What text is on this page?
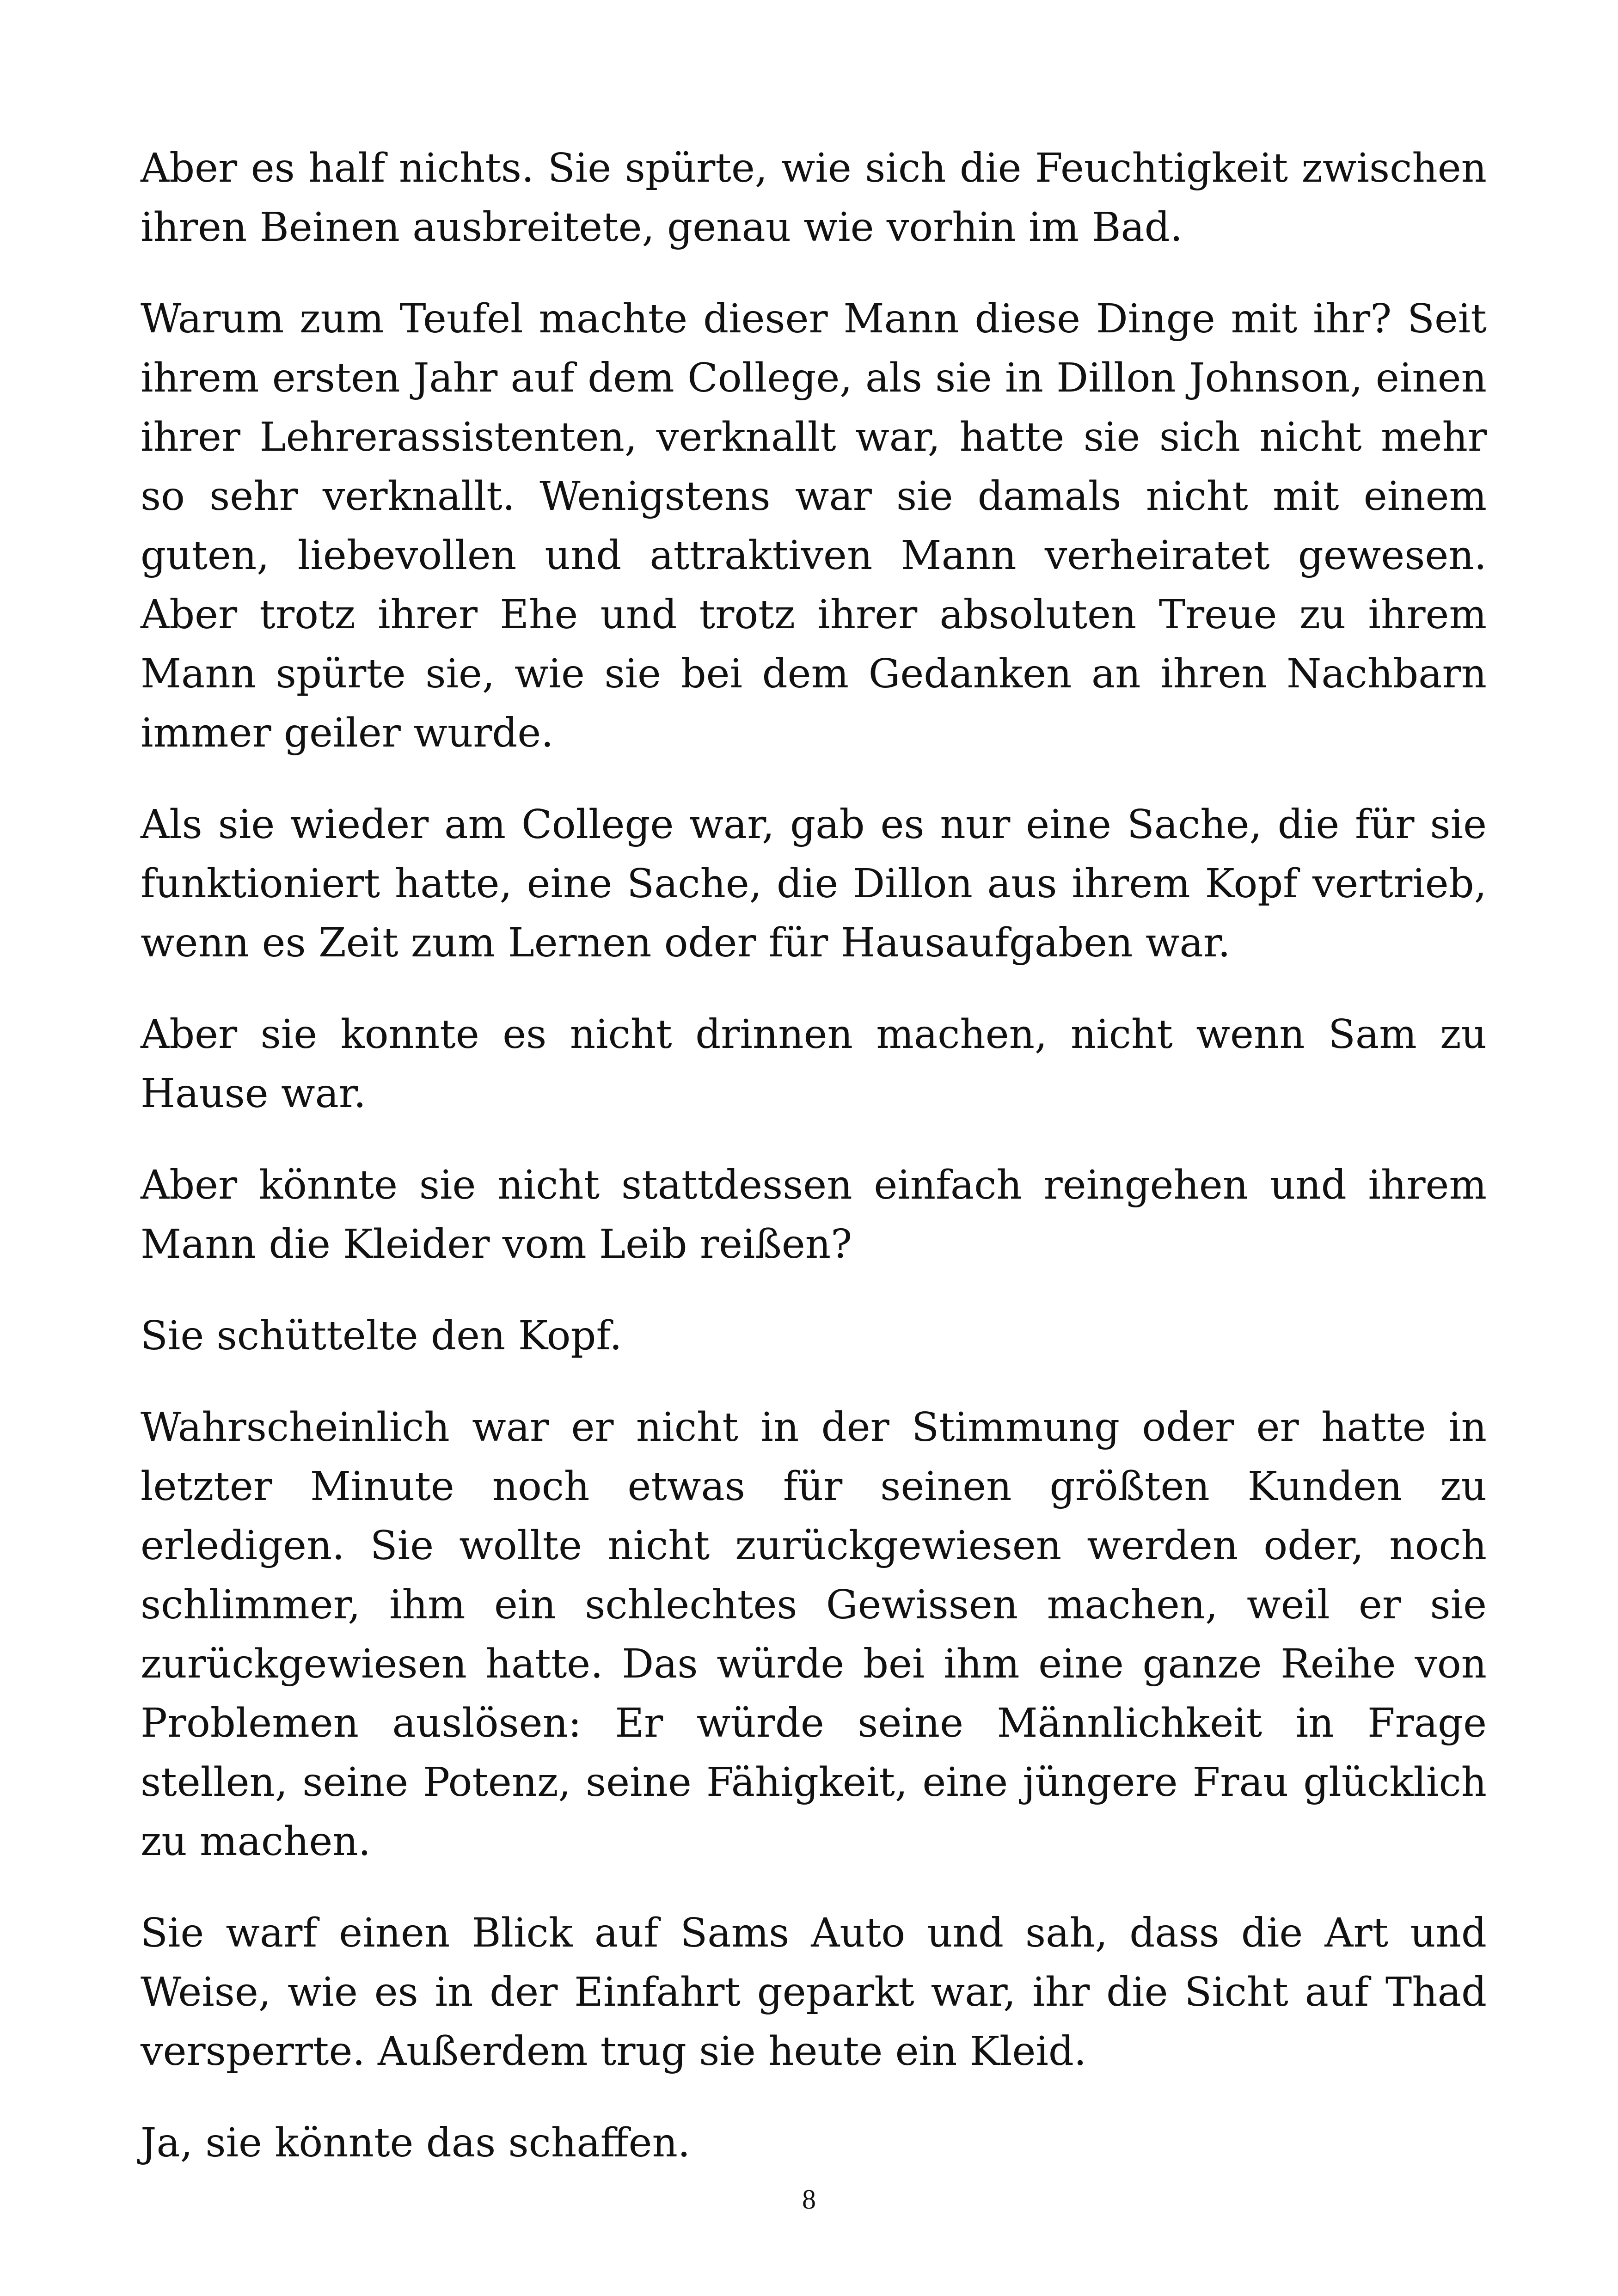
Aber es half nichts. Sie spürte, wie sich die Feuchtigkeit zwischen ihren Beinen ausbreitete, genau wie vorhin im Bad.

Warum zum Teufel machte dieser Mann diese Dinge mit ihr? Seit ihrem ersten Jahr auf dem College, als sie in Dillon Johnson, einen ihrer Lehrerassistenten, verknallt war, hatte sie sich nicht mehr so sehr verknallt. Wenigstens war sie damals nicht mit einem guten, liebevollen und attraktiven Mann verheiratet gewesen. Aber trotz ihrer Ehe und trotz ihrer absoluten Treue zu ihrem Mann spürte sie, wie sie bei dem Gedanken an ihren Nachbarn immer geiler wurde.

Als sie wieder am College war, gab es nur eine Sache, die für sie funktioniert hatte, eine Sache, die Dillon aus ihrem Kopf vertrieb, wenn es Zeit zum Lernen oder für Hausaufgaben war.

Aber sie konnte es nicht drinnen machen, nicht wenn Sam zu Hause war.

Aber könnte sie nicht stattdessen einfach reingehen und ihrem Mann die Kleider vom Leib reißen?

Sie schüttelte den Kopf.

Wahrscheinlich war er nicht in der Stimmung oder er hatte in letzter Minute noch etwas für seinen größten Kunden zu erledigen. Sie wollte nicht zurückgewiesen werden oder, noch schlimmer, ihm ein schlechtes Gewissen machen, weil er sie zurückgewiesen hatte. Das würde bei ihm eine ganze Reihe von Problemen auslösen: Er würde seine Männlichkeit in Frage stellen, seine Potenz, seine Fähigkeit, eine jüngere Frau glücklich zu machen.

Sie warf einen Blick auf Sams Auto und sah, dass die Art und Weise, wie es in der Einfahrt geparkt war, ihr die Sicht auf Thad versperrte. Außerdem trug sie heute ein Kleid.

Ja, sie könnte das schaffen.

8
